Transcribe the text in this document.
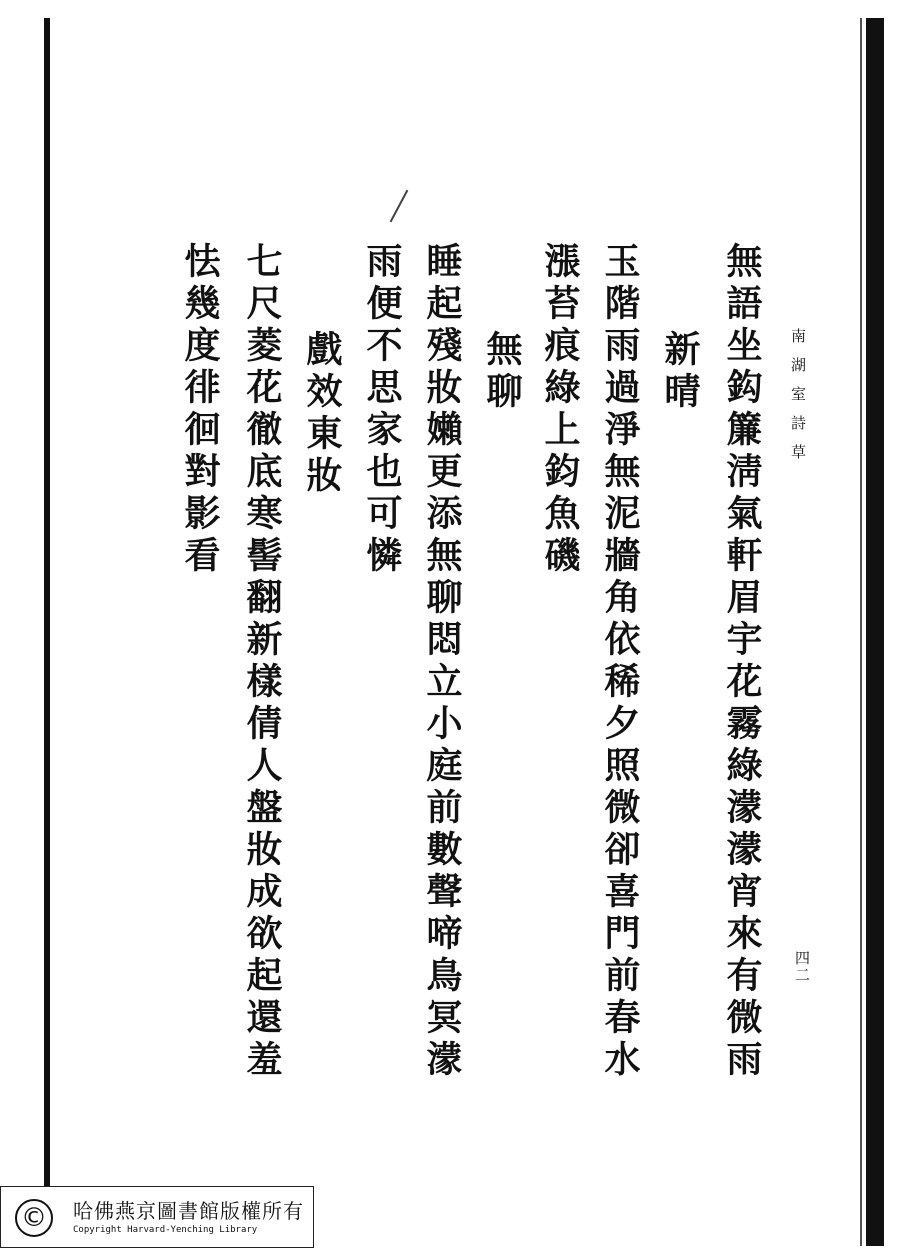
南湖室詩草
四二
無語坐鈎簾淸氣軒眉宇花霧綠濛濛宵來有微雨
新晴
玉階雨過淨無泥牆角依稀夕照微卻喜門前春水
漲苔痕綠上鈞魚磯
無聊
睡起殘妝嬾更添無聊悶立小庭前數聲啼鳥冥濛
雨便不思家也可憐
戲效東妝
七尺菱花徹底寒髻翻新樣倩人盤妝成欲起還羞
怯幾度徘徊對影看
©	哈佛燕京圖書館版權所有
Copyright Harvard-Yenching Library
